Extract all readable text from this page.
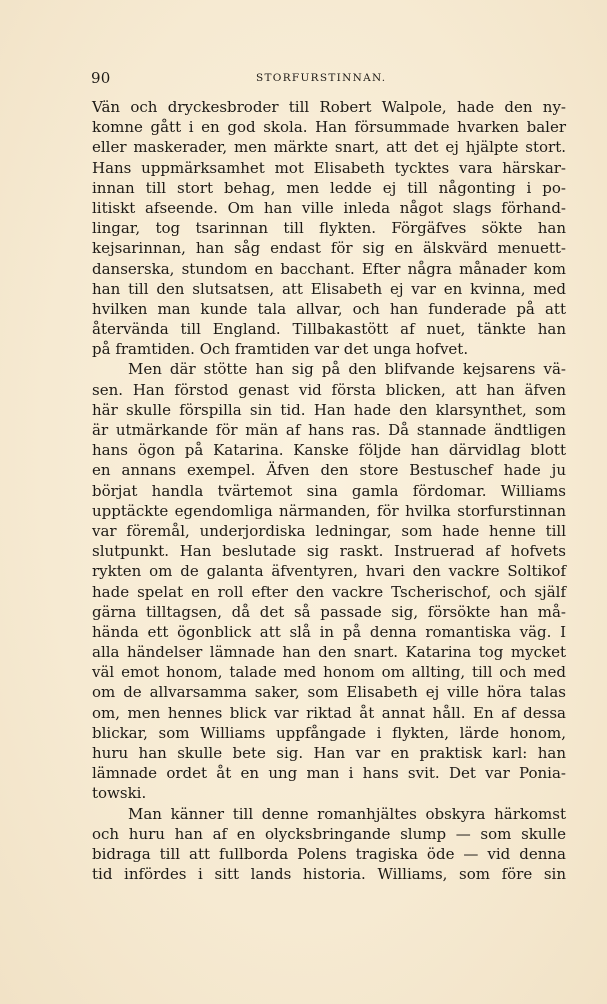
90	STORFURSTINNAN.
Vän och dryckesbroder till Robert Walpole, hade den ny-
komne gått i en god skola. Han försummade hvarken baler
eller maskerader, men märkte snart, att det ej hjälpte stort.
Hans uppmärksamhet mot Elisabeth tycktes vara härskar-
innan till stort behag, men ledde ej till någonting i po-
litiskt afseende. Om han ville inleda något slags förhand-
lingar, tog tsarinnan till flykten. Förgäfves sökte han
kejsarinnan, han såg endast för sig en älskvärd menuett-
danserska, stundom en bacchant. Efter några månader kom
han till den slutsatsen, att Elisabeth ej var en kvinna, med
hvilken man kunde tala allvar, och han funderade på att
återvända till England. Tillbakastött af nuet, tänkte han
på framtiden. Och framtiden var det unga hofvet.
Men där stötte han sig på den blifvande kejsarens vä-
sen. Han förstod genast vid första blicken, att han äfven
här skulle förspilla sin tid. Han hade den klarsynthet, som
är utmärkande för män af hans ras. Då stannade ändtligen
hans ögon på Katarina. Kanske följde han därvidlag blott
en annans exempel. Äfven den store Bestuschef hade ju
börjat handla tvärtemot sina gamla fördomar. Williams
upptäckte egendomliga närmanden, för hvilka storfurstinnan
var föremål, underjordiska ledningar, som hade henne till
slutpunkt. Han beslutade sig raskt. Instruerad af hofvets
rykten om de galanta äfventyren, hvari den vackre Soltikof
hade spelat en roll efter den vackre Tscherischof, och själf
gärna tilltagsen, då det så passade sig, försökte han må-
hända ett ögonblick att slå in på denna romantiska väg. I
alla händelser lämnade han den snart. Katarina tog mycket
väl emot honom, talade med honom om allting, till och med
om de allvarsamma saker, som Elisabeth ej ville höra talas
om, men hennes blick var riktad åt annat håll. En af dessa
blickar, som Williams uppfångade i flykten, lärde honom,
huru han skulle bete sig. Han var en praktisk karl: han
lämnade ordet åt en ung man i hans svit. Det var Ponia-
towski.
Man känner till denne romanhjältes obskyra härkomst
och huru han af en olycksbringande slump — som skulle
bidraga till att fullborda Polens tragiska öde — vid denna
tid infördes i sitt lands historia. Williams, som före sin
